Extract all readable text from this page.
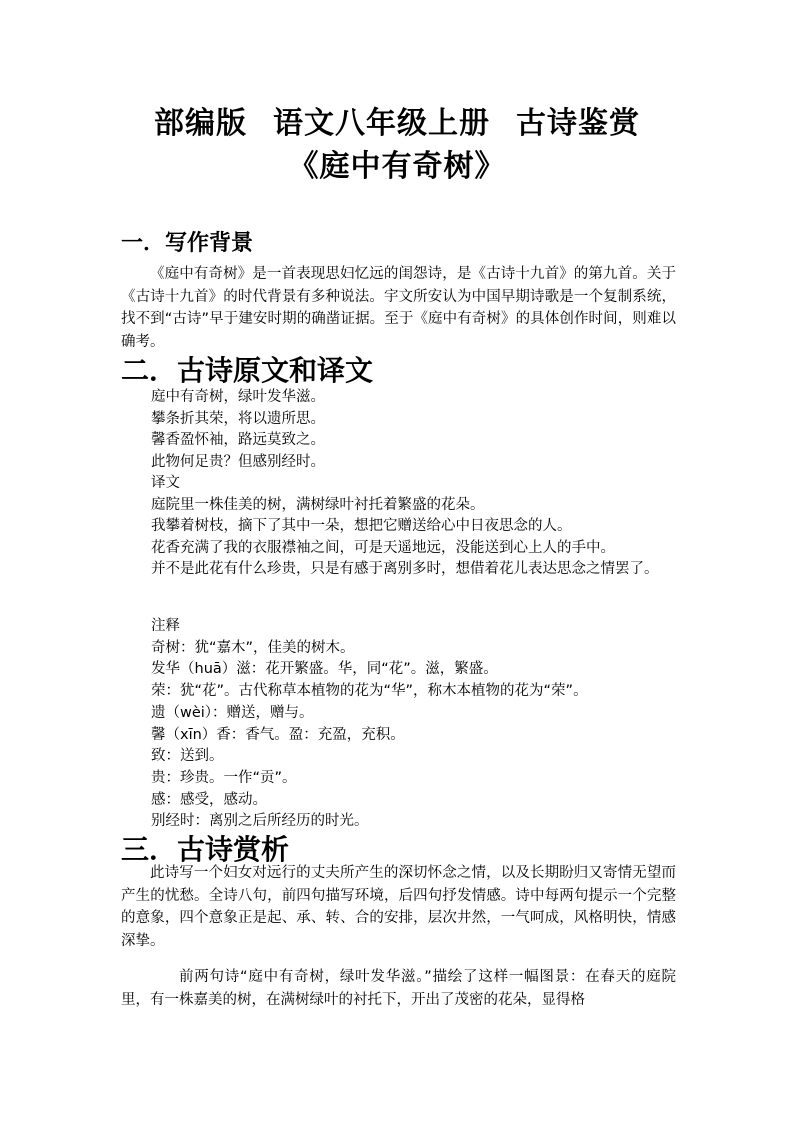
部编版 语文八年级上册 古诗鉴赏
《庭中有奇树》
一．写作背景

《庭中有奇树》是一首表现思妇忆远的闺怨诗，是《古诗十九首》的第九首。关于《古诗十九首》的时代背景有多种说法。宇文所安认为中国早期诗歌是一个复制系统，找不到“古诗”早于建安时期的确凿证据。至于《庭中有奇树》的具体创作时间，则难以确考。

二．古诗原文和译文
庭中有奇树，绿叶发华滋。
攀条折其荣，将以遗所思。
馨香盈怀袖，路远莫致之。
此物何足贵？但感别经时。
译文
庭院里一株佳美的树，满树绿叶衬托着繁盛的花朵。
我攀着树枝，摘下了其中一朵，想把它赠送给心中日夜思念的人。
花香充满了我的衣服襟袖之间，可是天遥地远，没能送到心上人的手中。
并不是此花有什么珍贵，只是有感于离别多时，想借着花儿表达思念之情罢了。
注释
奇树：犹“嘉木”，佳美的树木。
发华（huā）滋：花开繁盛。华，同“花”。滋，繁盛。
荣：犹“花”。古代称草本植物的花为“华”，称木本植物的花为“荣”。
遗（wèi）：赠送，赠与。
馨（xīn）香：香气。盈：充盈，充积。
致：送到。
贵：珍贵。一作“贡”。
感：感受，感动。
别经时：离别之后所经历的时光。
三．古诗赏析

此诗写一个妇女对远行的丈夫所产生的深切怀念之情，以及长期盼归又寄情无望而产生的忧愁。全诗八句，前四句描写环境，后四句抒发情感。诗中每两句提示一个完整的意象，四个意象正是起、承、转、合的安排，层次井然，一气呵成，风格明快，情感深挚。

前两句诗“庭中有奇树，绿叶发华滋。”描绘了这样一幅图景：在春天的庭院里，有一株嘉美的树，在满树绿叶的衬托下，开出了茂密的花朵，显得格
